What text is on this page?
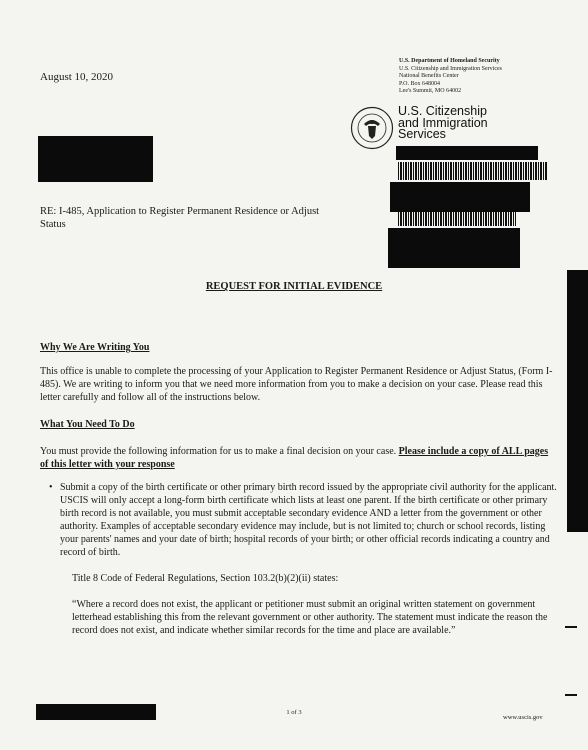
August 10, 2020
U.S. Department of Homeland Security
U.S. Citizenship and Immigration Services
National Benefits Center
P.O. Box 648004
Lee's Summit, MO 64002
U.S. Citizenship
and Immigration
Services
RE: I-485, Application to Register Permanent Residence or Adjust Status
REQUEST FOR INITIAL EVIDENCE
Why We Are Writing You
This office is unable to complete the processing of your Application to Register Permanent Residence or Adjust Status, (Form I-485). We are writing to inform you that we need more information from you to make a decision on your case. Please read this letter carefully and follow all of the instructions below.
What You Need To Do
You must provide the following information for us to make a final decision on your case. Please include a copy of ALL pages of this letter with your response
• Submit a copy of the birth certificate or other primary birth record issued by the appropriate civil authority for the applicant. USCIS will only accept a long-form birth certificate which lists at least one parent. If the birth certificate or other primary birth record is not available, you must submit acceptable secondary evidence AND a letter from the government or other authority. Examples of acceptable secondary evidence may include, but is not limited to; church or school records, listing your parents' names and your date of birth; hospital records of your birth; or other official records indicating a country and record of birth.
Title 8 Code of Federal Regulations, Section 103.2(b)(2)(ii) states:
“Where a record does not exist, the applicant or petitioner must submit an original written statement on government letterhead establishing this from the relevant government or other authority. The statement must indicate the reason the record does not exist, and indicate whether similar records for the time and place are available.”
1 of 3
www.uscis.gov
